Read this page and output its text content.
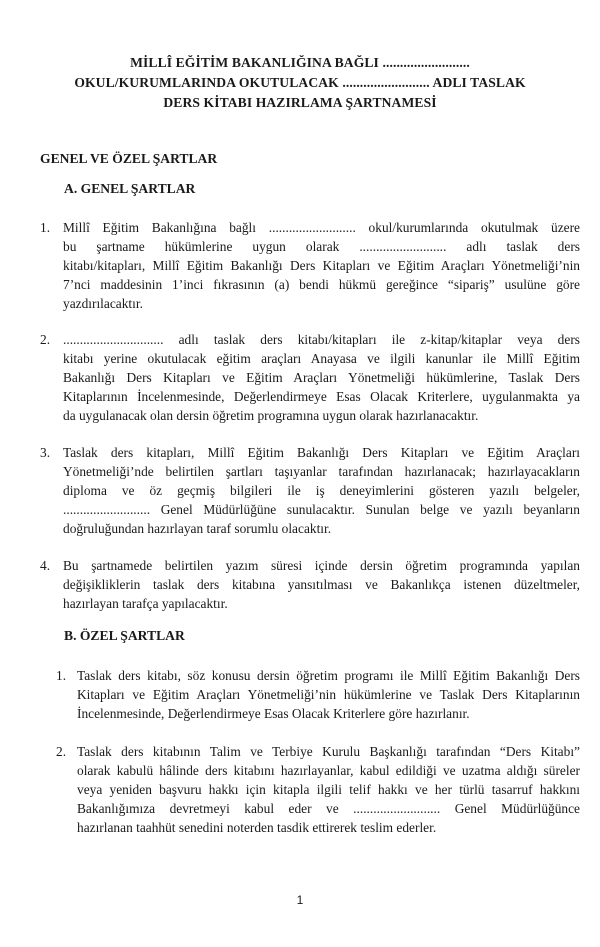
MİLLÎ EĞİTİM BAKANLIĞINA BAĞLI .........................
OKUL/KURUMLARINDA OKUTULACAK ......................... ADLI TASLAK
DERS KİTABI HAZIRLAMA ŞARTNAMESİ
GENEL VE ÖZEL ŞARTLAR
A. GENEL ŞARTLAR
1. Millî Eğitim Bakanlığına bağlı .......................... okul/kurumlarında okutulmak üzere
bu şartname hükümlerine uygun olarak .......................... adlı taslak ders
kitabı/kitapları, Millî Eğitim Bakanlığı Ders Kitapları ve Eğitim Araçları Yönetmeliği’nin
7’nci maddesinin 1’inci fıkrasının (a) bendi hükmü gereğince “sipariş” usulüne göre
yazdırılacaktır.
2. .............................. adlı taslak ders kitabı/kitapları ile z-kitap/kitaplar veya ders
kitabı yerine okutulacak eğitim araçları Anayasa ve ilgili kanunlar ile Millî Eğitim
Bakanlığı Ders Kitapları ve Eğitim Araçları Yönetmeliği hükümlerine, Taslak Ders
Kitaplarının İncelenmesinde, Değerlendirmeye Esas Olacak Kriterlere, uygulanmakta ya
da uygulanacak olan dersin öğretim programına uygun olarak hazırlanacaktır.
3. Taslak ders kitapları, Millî Eğitim Bakanlığı Ders Kitapları ve Eğitim Araçları
Yönetmeliği’nde belirtilen şartları taşıyanlar tarafından hazırlanacak; hazırlayacakların
diploma ve öz geçmiş bilgileri ile iş deneyimlerini gösteren yazılı belgeler,
.......................... Genel Müdürlüğüne sunulacaktır. Sunulan belge ve yazılı beyanların
doğruluğundan hazırlayan taraf sorumlu olacaktır.
4. Bu şartnamede belirtilen yazım süresi içinde dersin öğretim programında yapılan
değişikliklerin taslak ders kitabına yansıtılması ve Bakanlıkça istenen düzeltmeler,
hazırlayan tarafça yapılacaktır.
B. ÖZEL ŞARTLAR
1. Taslak ders kitabı, söz konusu dersin öğretim programı ile Millî Eğitim Bakanlığı Ders
Kitapları ve Eğitim Araçları Yönetmeliği’nin hükümlerine ve Taslak Ders Kitaplarının
İncelenmesinde, Değerlendirmeye Esas Olacak Kriterlere göre hazırlanır.
2. Taslak ders kitabının Talim ve Terbiye Kurulu Başkanlığı tarafından “Ders Kitabı”
olarak kabulü hâlinde ders kitabını hazırlayanlar, kabul edildiği ve uzatma aldığı süreler
veya yeniden başvuru hakkı için kitapla ilgili telif hakkı ve her türlü tasarruf hakkını
Bakanlığımıza devretmeyi kabul eder ve .......................... Genel Müdürlüğünce
hazırlanan taahhüt senedini noterden tasdik ettirerek teslim ederler.
1
